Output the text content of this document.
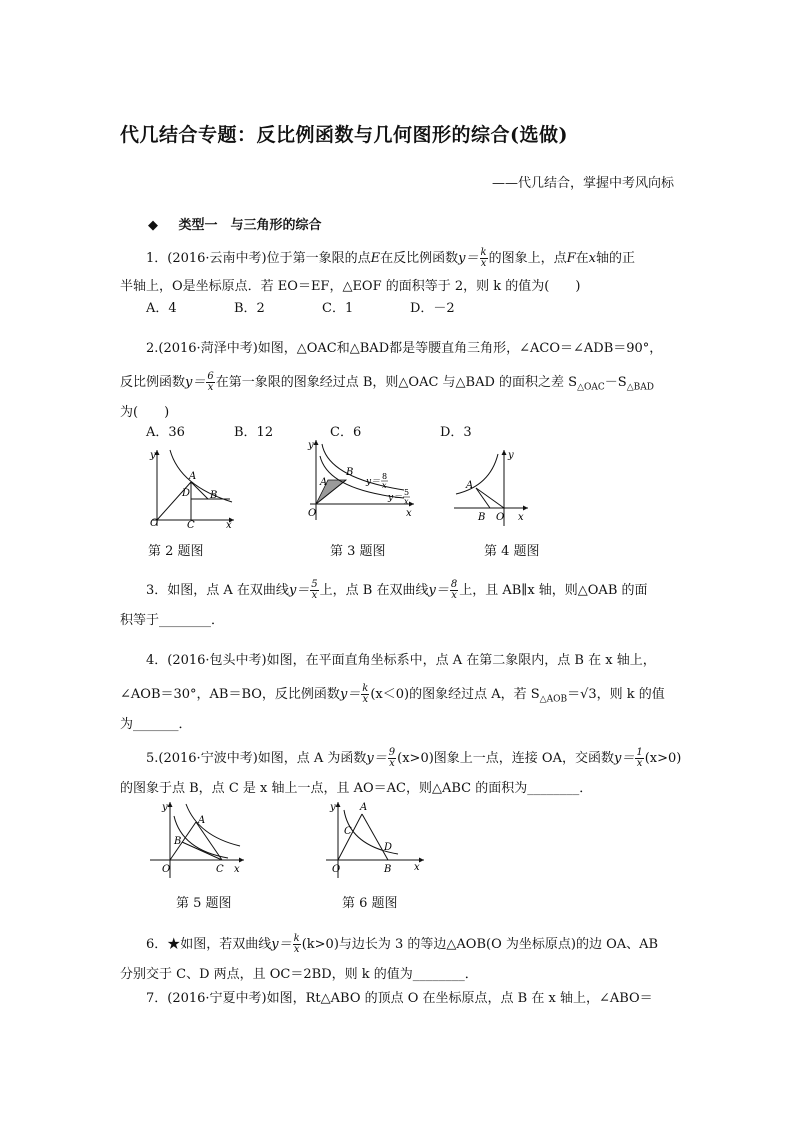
代几结合专题：反比例函数与几何图形的综合(选做)
——代几结合，掌握中考风向标
◆ 类型一　与三角形的综合
1．(2016·云南中考)位于第一象限的点E在反比例函数$y= \frac{k}{x}$ 的图象上，点F在x轴的正
半轴上，O是坐标原点．若 EO＝EF，△EOF 的面积等于 2，则 k 的值为(　　)
A．4	B．2	C．1	D．－2
2.(2016·菏泽中考)如图，△OAC和△BAD都是等腰直角三角形，∠ACO＝∠ADB＝90°，
反比例函数$y= \frac{6}{x}$ 在第一象限的图象经过点 B，则△OAC 与△BAD 的面积之差 $S_{\triangle OAC}-S_{\triangle BAD}$
为(　　)
A．36	B．12	C．6	D．3
y
A
D B
O	C	x
第 2 题图
y
B
A	y＝
8
x
y＝
5
x
O	x
第 3 题图
y
A
B O x
第 4 题图
3．如图，点 A 在双曲线$y= \frac{5}{x}$ 上，点 B 在双曲线$y= \frac{8}{x}$ 上，且 AB∥x 轴，则△OAB 的面
积等于________．
4．(2016·包头中考)如图，在平面直角坐标系中，点 A 在第二象限内，点 B 在 x 轴上，
∠AOB＝30°，AB＝BO，反比例函数$y= \frac{k}{x} (x<0)$的图象经过点 A，若 $S_{\triangle AOB}=√3$，则 k 的值
为_______．
5.(2016·宁波中考)如图，点 A 为函数$y= \frac{9}{x} (x>0)$图象上一点，连接 OA，交函数$y= \frac{1}{x} (x>0)$
的图象于点 B，点 C 是 x 轴上一点，且 AO＝AC，则△ABC 的面积为________．
y
A
B
O	C x
第 5 题图
y A
C
D
O	B x
第 6 题图
6．★如图，若双曲线$y= \frac{k}{x} (k>0)$与边长为 3 的等边△AOB(O 为坐标原点)的边 OA、AB
分别交于 C、D 两点，且 OC＝2BD，则 k 的值为________．
7．(2016·宁夏中考)如图，Rt△ABO 的顶点 O 在坐标原点，点 B 在 x 轴上，∠ABO＝
